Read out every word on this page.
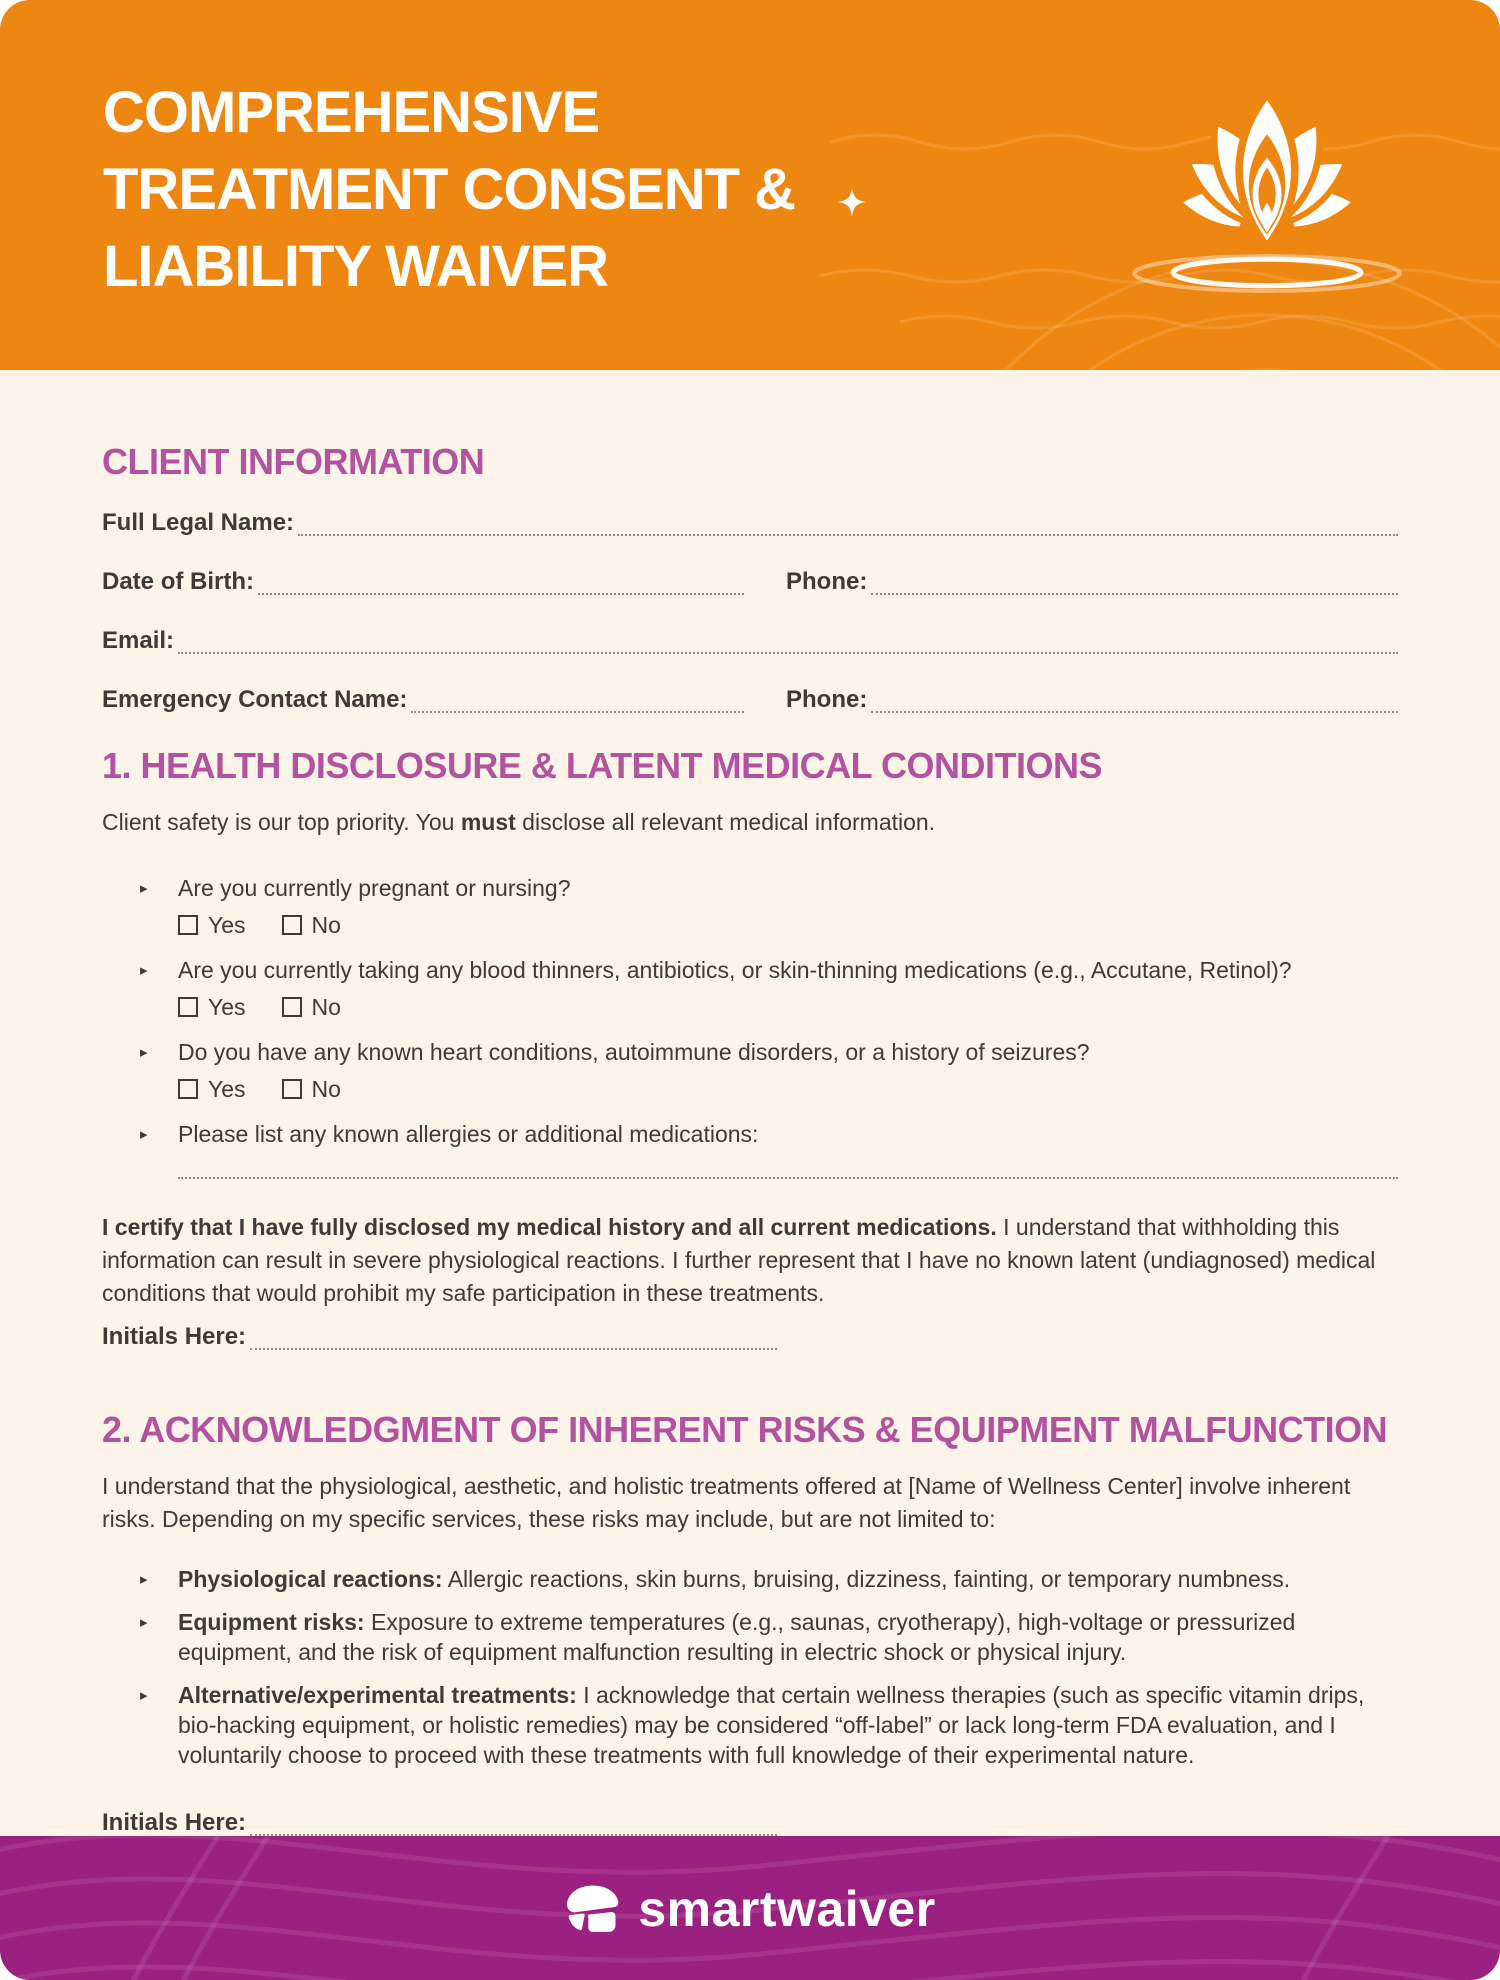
COMPREHENSIVE
TREATMENT CONSENT &
LIABILITY WAIVER
CLIENT INFORMATION
Full Legal Name:
Date of Birth:	Phone:
Email:
Emergency Contact Name:	Phone:
1. HEALTH DISCLOSURE & LATENT MEDICAL CONDITIONS

Client safety is our top priority. You must disclose all relevant medical information.

▸ Are you currently pregnant or nursing?
Yes	No
▸ Are you currently taking any blood thinners, antibiotics, or skin-thinning medications (e.g., Accutane, Retinol)?
Yes	No
▸ Do you have any known heart conditions, autoimmune disorders, or a history of seizures?
Yes	No
▸ Please list any known allergies or additional medications:

I certify that I have fully disclosed my medical history and all current medications. I understand that withholding this information can result in severe physiological reactions. I further represent that I have no known latent (undiagnosed) medical conditions that would prohibit my safe participation in these treatments.

Initials Here:
2. ACKNOWLEDGMENT OF INHERENT RISKS & EQUIPMENT MALFUNCTION

I understand that the physiological, aesthetic, and holistic treatments offered at [Name of Wellness Center] involve inherent risks. Depending on my specific services, these risks may include, but are not limited to:

▸ Physiological reactions: Allergic reactions, skin burns, bruising, dizziness, fainting, or temporary numbness.
▸ Equipment risks: Exposure to extreme temperatures (e.g., saunas, cryotherapy), high-voltage or pressurized equipment, and the risk of equipment malfunction resulting in electric shock or physical injury.
▸ Alternative/experimental treatments: I acknowledge that certain wellness therapies (such as specific vitamin drips, bio-hacking equipment, or holistic remedies) may be considered “off-label” or lack long-term FDA evaluation, and I voluntarily choose to proceed with these treatments with full knowledge of their experimental nature.
Initials Here:
smartwaiver
